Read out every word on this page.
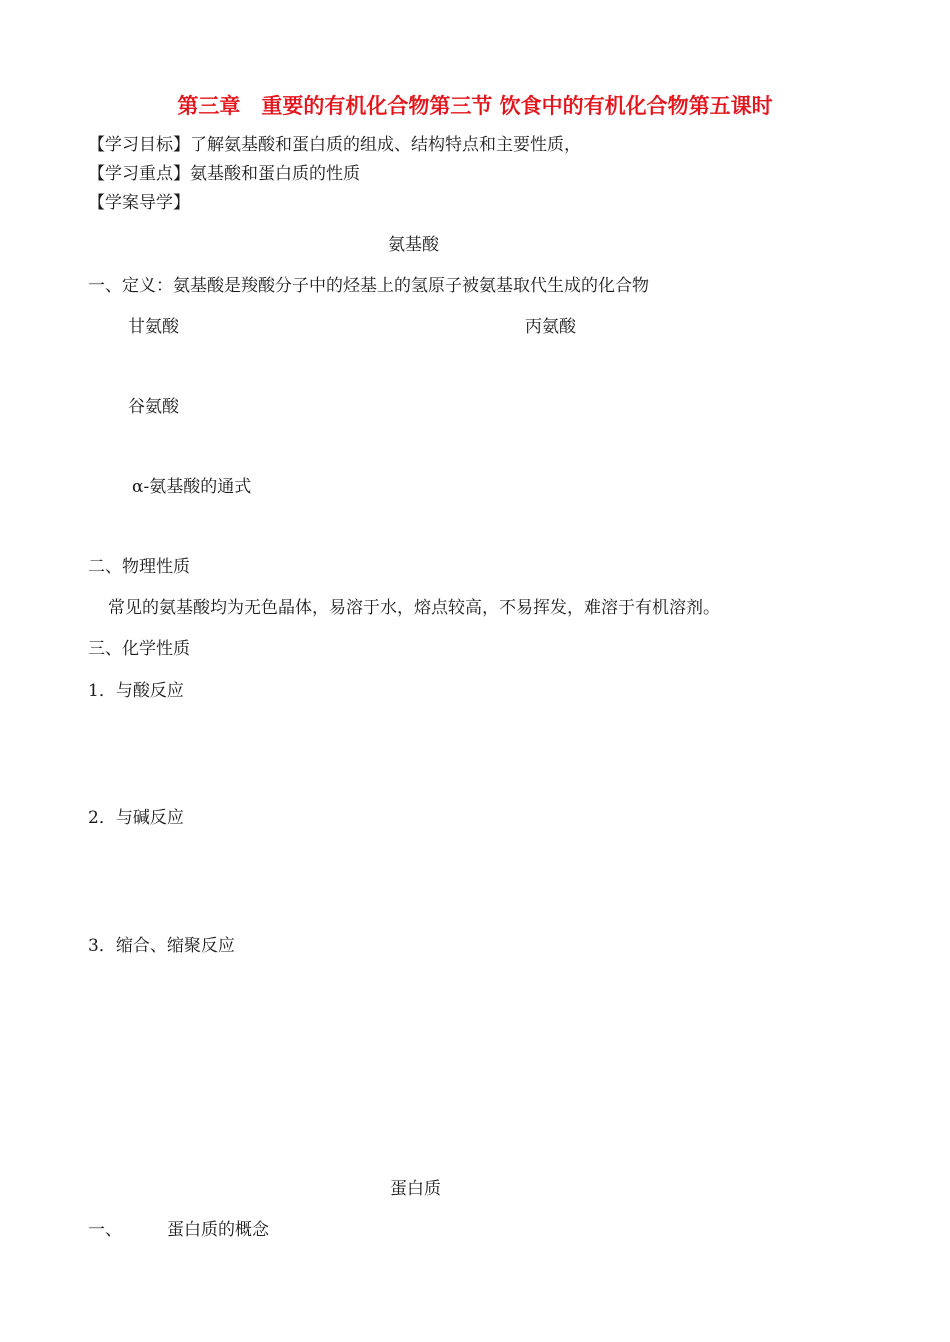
第三章　重要的有机化合物第三节 饮食中的有机化合物第五课时
【学习目标】了解氨基酸和蛋白质的组成、结构特点和主要性质，
【学习重点】氨基酸和蛋白质的性质
【学案导学】
氨基酸
一、定义：氨基酸是羧酸分子中的烃基上的氢原子被氨基取代生成的化合物
甘氨酸	丙氨酸
谷氨酸
α-氨基酸的通式
二、物理性质
常见的氨基酸均为无色晶体，易溶于水，熔点较高，不易挥发，难溶于有机溶剂。
三、化学性质
1．与酸反应
2．与碱反应
3．缩合、缩聚反应
蛋白质
一、	蛋白质的概念
